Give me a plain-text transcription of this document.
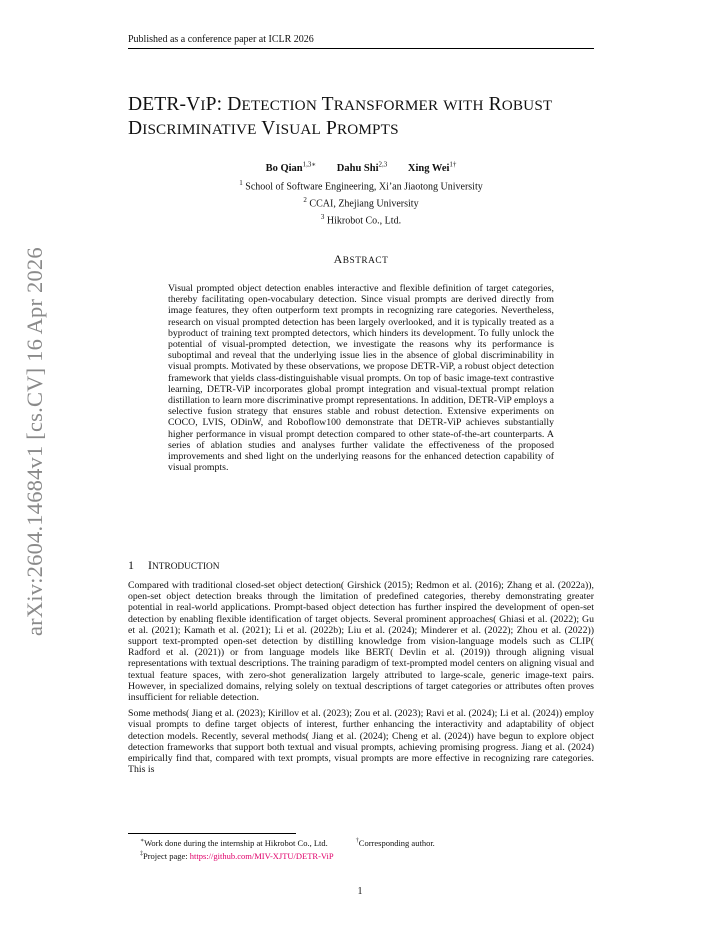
Published as a conference paper at ICLR 2026
DETR-VIP: DETECTION TRANSFORMER WITH ROBUST
DISCRIMINATIVE VISUAL PROMPTS
Bo Qian$^{1,3∗}$ Dahu Shi$^{2,3}$ Xing Wei$^{1\dagger}$
$^1$ School of Software Engineering, Xi’an Jiaotong University
$^2$ CCAI, Zhejiang University
$^3$ Hikrobot Co., Ltd.
ABSTRACT
Visual prompted object detection enables interactive and flexible definition of target categories, thereby facilitating open-vocabulary detection. Since visual prompts are derived directly from image features, they often outperform text prompts in recognizing rare categories. Nevertheless, research on visual prompted detection has been largely overlooked, and it is typically treated as a byproduct of training text prompted detectors, which hinders its development. To fully unlock the potential of visual-prompted detection, we investigate the reasons why its performance is suboptimal and reveal that the underlying issue lies in the absence of global discriminability in visual prompts. Motivated by these observations, we propose DETR-ViP, a robust object detection framework that yields class-distinguishable visual prompts. On top of basic image-text contrastive learning, DETR-ViP incorporates global prompt integration and visual-textual prompt relation distillation to learn more discriminative prompt representations. In addition, DETR-ViP employs a selective fusion strategy that ensures stable and robust detection. Extensive experiments on COCO, LVIS, ODinW, and Roboflow100 demonstrate that DETR-ViP achieves substantially higher performance in visual prompt detection compared to other state-of-the-art counterparts. A series of ablation studies and analyses further validate the effectiveness of the proposed improvements and shed light on the underlying reasons for the enhanced detection capability of visual prompts.
arXiv:2604.14684v1 [cs.CV] 16 Apr 2026	1 INTRODUCTION

Compared with traditional closed-set object detection( Girshick (2015); Redmon et al. (2016); Zhang et al. (2022a)), open-set object detection breaks through the limitation of predefined categories, thereby demonstrating greater potential in real-world applications. Prompt-based object detection has further inspired the development of open-set detection by enabling flexible identification of target objects. Several prominent approaches( Ghiasi et al. (2022); Gu et al. (2021); Kamath et al. (2021); Li et al. (2022b); Liu et al. (2024); Minderer et al. (2022); Zhou et al. (2022)) support text-prompted open-set detection by distilling knowledge from vision-language models such as CLIP( Radford et al. (2021)) or from language models like BERT( Devlin et al. (2019)) through aligning visual representations with textual descriptions. The training paradigm of text-prompted model centers on aligning visual and textual feature spaces, with zero-shot generalization largely attributed to large-scale, generic image-text pairs. However, in specialized domains, relying solely on textual descriptions of target categories or attributes often proves insufficient for reliable detection.

Some methods( Jiang et al. (2023); Kirillov et al. (2023); Zou et al. (2023); Ravi et al. (2024); Li et al. (2024)) employ visual prompts to define target objects of interest, further enhancing the interactivity and adaptability of object detection models. Recently, several methods( Jiang et al. (2024); Cheng et al. (2024)) have begun to explore object detection frameworks that support both textual and visual prompts, achieving promising progress. Jiang et al. (2024) empirically find that, compared with text prompts, visual prompts are more effective in recognizing rare categories. This is

∗Work done during the internship at Hikrobot Co., Ltd.	†Corresponding author.
‡Project page: https://github.com/MIV-XJTU/DETR-ViP
1
